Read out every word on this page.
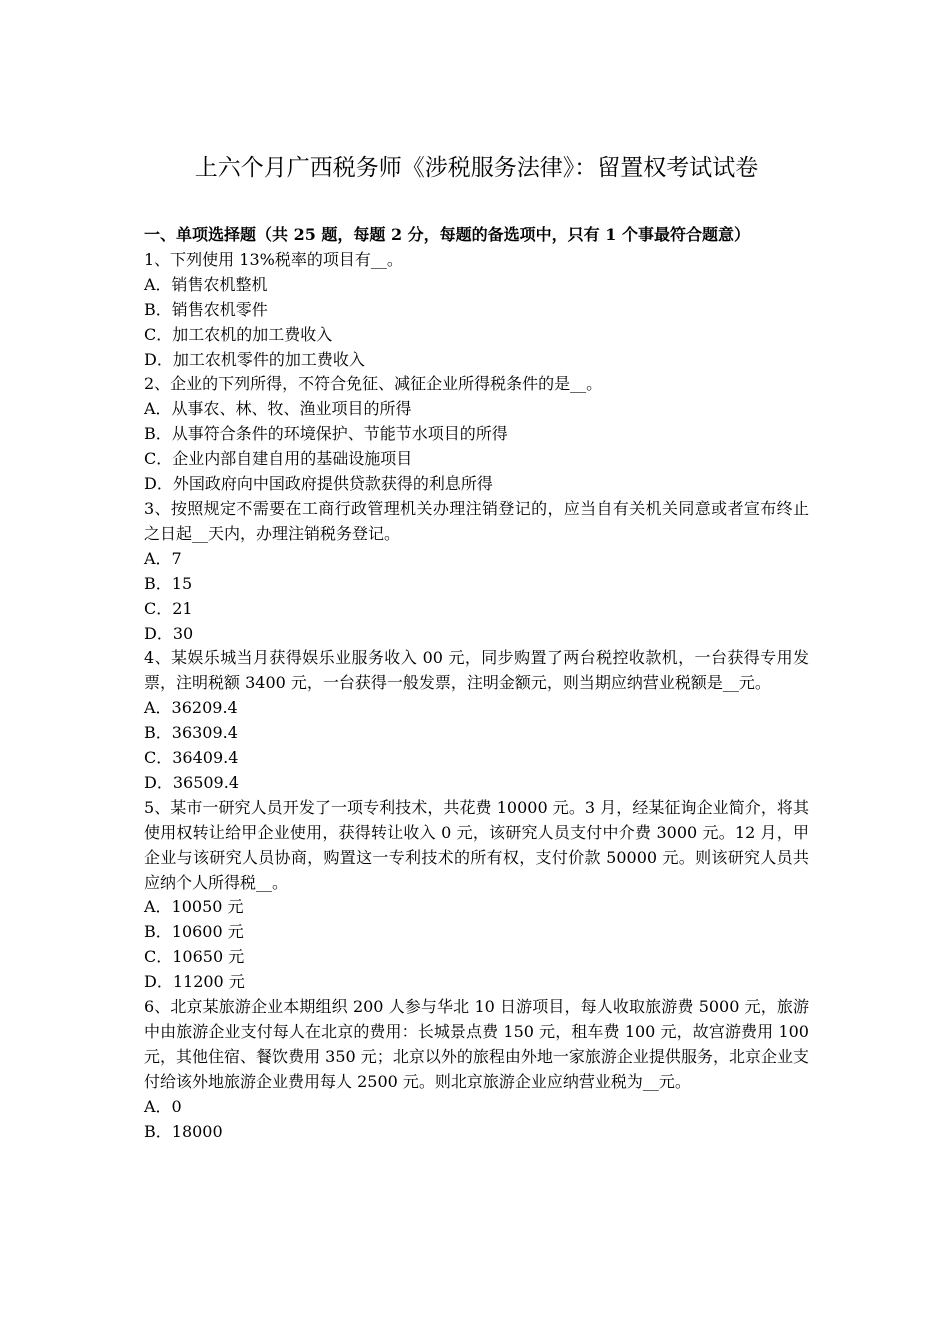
上六个月广西税务师《涉税服务法律》：留置权考试试卷

一、单项选择题（共 25 题，每题 2 分，每题的备选项中，只有 1 个事最符合题意）

1、下列使用 13%税率的项目有__。

A．销售农机整机

B．销售农机零件

C．加工农机的加工费收入

D．加工农机零件的加工费收入

2、企业的下列所得，不符合免征、减征企业所得税条件的是__。

A．从事农、林、牧、渔业项目的所得

B．从事符合条件的环境保护、节能节水项目的所得

C．企业内部自建自用的基础设施项目

D．外国政府向中国政府提供贷款获得的利息所得

3、按照规定不需要在工商行政管理机关办理注销登记的，应当自有关机关同意或者宣布终止之日起__天内，办理注销税务登记。

A．7

B．15

C．21

D．30

4、某娱乐城当月获得娱乐业服务收入 00 元，同步购置了两台税控收款机，一台获得专用发票，注明税额 3400 元，一台获得一般发票，注明金额元，则当期应纳营业税额是__元。

A．36209.4

B．36309.4

C．36409.4

D．36509.4

5、某市一研究人员开发了一项专利技术，共花费 10000 元。3 月，经某征询企业简介，将其使用权转让给甲企业使用，获得转让收入 0 元，该研究人员支付中介费 3000 元。12 月，甲企业与该研究人员协商，购置这一专利技术的所有权，支付价款 50000 元。则该研究人员共应纳个人所得税__。

A．10050 元

B．10600 元

C．10650 元

D．11200 元

6、北京某旅游企业本期组织 200 人参与华北 10 日游项目，每人收取旅游费 5000 元，旅游中由旅游企业支付每人在北京的费用：长城景点费 150 元，租车费 100 元，故宫游费用 100 元，其他住宿、餐饮费用 350 元；北京以外的旅程由外地一家旅游企业提供服务，北京企业支付给该外地旅游企业费用每人 2500 元。则北京旅游企业应纳营业税为__元。

A．0

B．18000
